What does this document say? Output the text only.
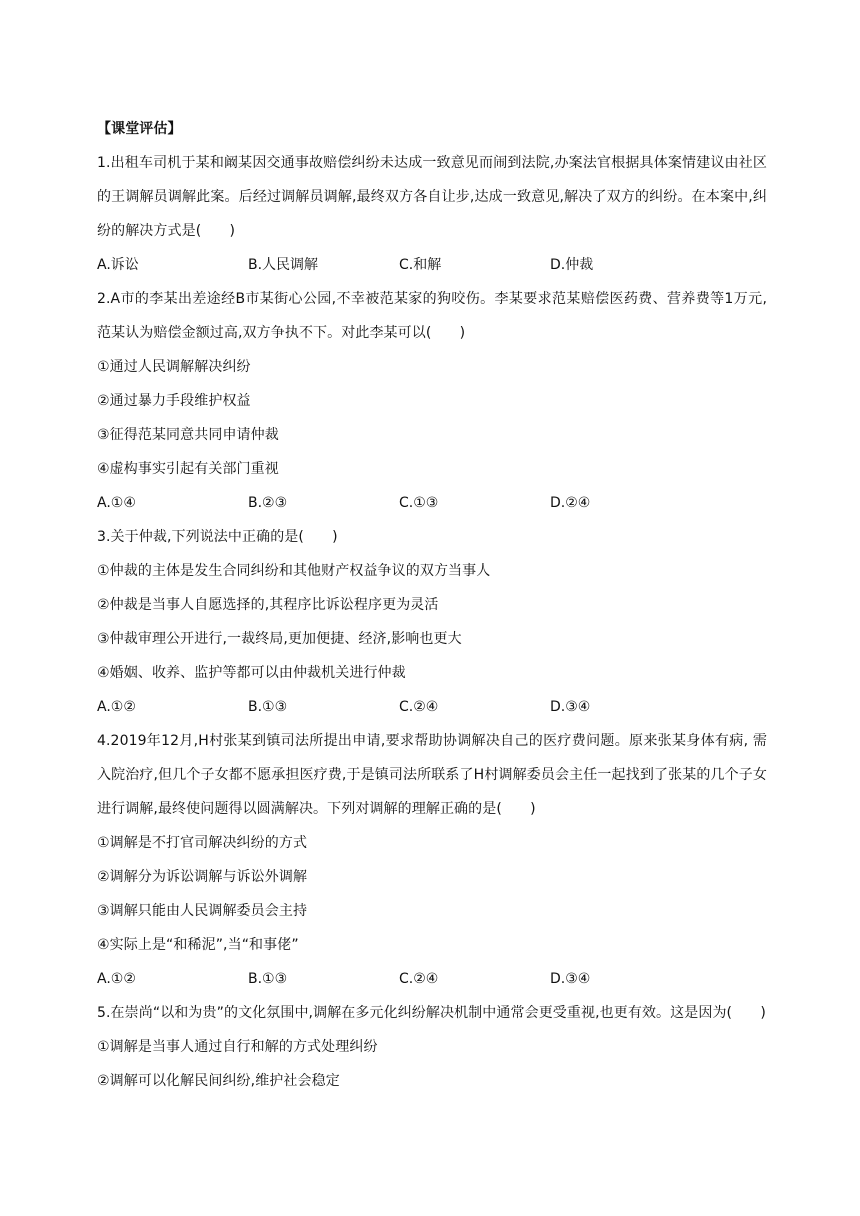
【课堂评估】
1.出租车司机于某和阚某因交通事故赔偿纠纷未达成一致意见而闹到法院,办案法官根据具体案情建议由社区的王调解员调解此案。后经过调解员调解,最终双方各自让步,达成一致意见,解决了双方的纠纷。在本案中,纠纷的解决方式是(　　)
A.诉讼	B.人民调解	C.和解	D.仲裁
2.A市的李某出差途经B市某街心公园,不幸被范某家的狗咬伤。李某要求范某赔偿医药费、营养费等1万元,范某认为赔偿金额过高,双方争执不下。对此李某可以(　　)
①通过人民调解解决纠纷
②通过暴力手段维护权益
③征得范某同意共同申请仲裁
④虚构事实引起有关部门重视
A.①④	B.②③	C.①③	D.②④
3.关于仲裁,下列说法中正确的是(　　)
①仲裁的主体是发生合同纠纷和其他财产权益争议的双方当事人
②仲裁是当事人自愿选择的,其程序比诉讼程序更为灵活
③仲裁审理公开进行,一裁终局,更加便捷、经济,影响也更大
④婚姻、收养、监护等都可以由仲裁机关进行仲裁
A.①②	B.①③	C.②④	D.③④
4.2019年12月,H村张某到镇司法所提出申请,要求帮助协调解决自己的医疗费问题。原来张某身体有病, 需入院治疗,但几个子女都不愿承担医疗费,于是镇司法所联系了H村调解委员会主任一起找到了张某的几个子女进行调解,最终使问题得以圆满解决。下列对调解的理解正确的是(　　)
①调解是不打官司解决纠纷的方式
②调解分为诉讼调解与诉讼外调解
③调解只能由人民调解委员会主持
④实际上是“和稀泥”,当“和事佬”
A.①②	B.①③	C.②④	D.③④
5.在崇尚“以和为贵”的文化氛围中,调解在多元化纠纷解决机制中通常会更受重视,也更有效。这是因为(　　)
①调解是当事人通过自行和解的方式处理纠纷
②调解可以化解民间纠纷,维护社会稳定
